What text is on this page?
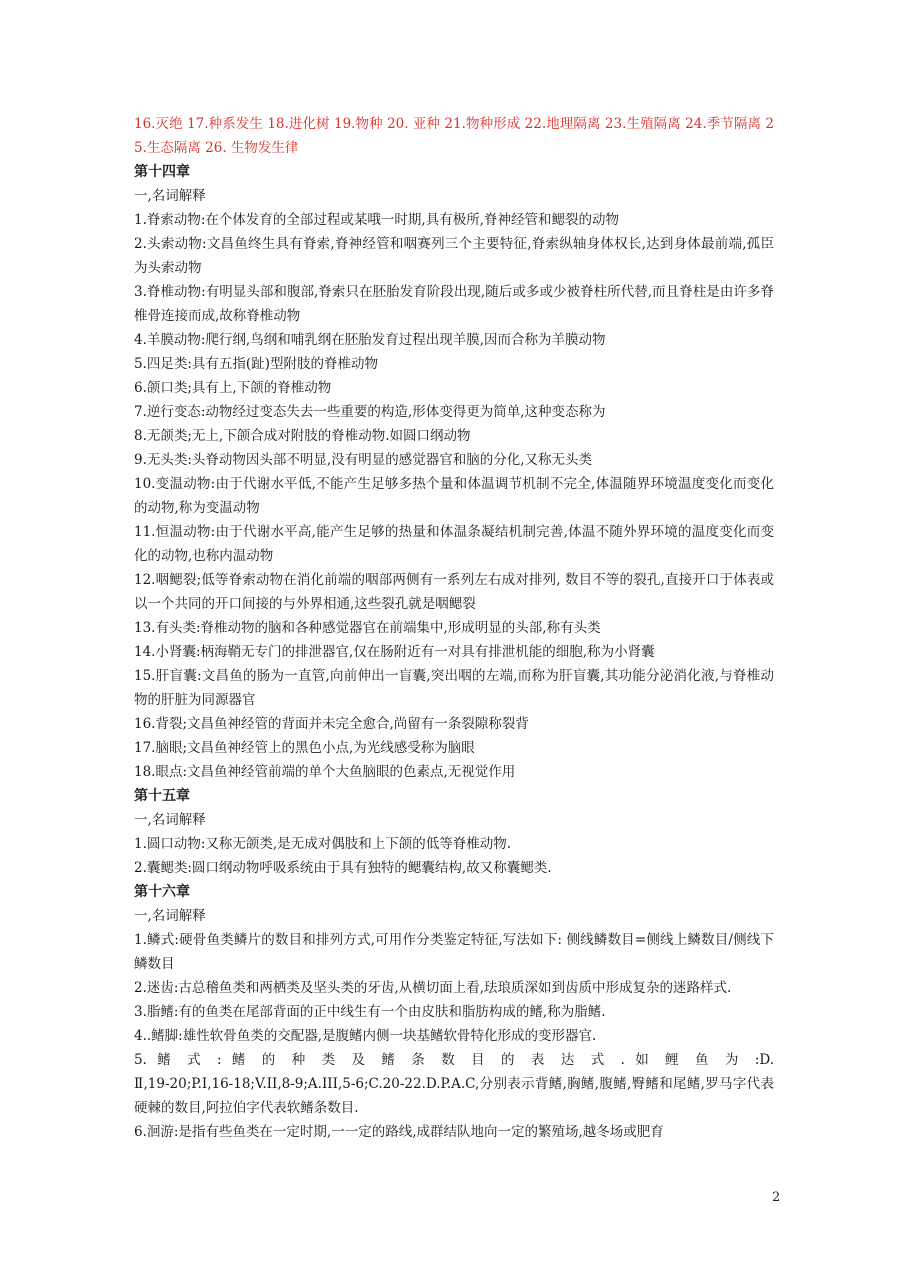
16.灭绝 17.种系发生 18.进化树 19.物种 20. 亚种 21.物种形成 22.地理隔离 23.生殖隔离 24.季节隔离 25.生态隔离 26. 生物发生律
第十四章
一,名词解释
1.脊索动物:在个体发育的全部过程或某哦一时期,具有极所,脊神经管和鳃裂的动物
2.头索动物:文昌鱼终生具有脊索,脊神经管和咽赛列三个主要特征,脊索纵轴身体权长,达到身体最前端,孤臣为头索动物
3.脊椎动物:有明显头部和腹部,脊索只在胚胎发育阶段出现,随后或多或少被脊柱所代替,而且脊柱是由许多脊椎骨连接而成,故称脊椎动物
4.羊膜动物:爬行纲,鸟纲和哺乳纲在胚胎发育过程出现羊膜,因而合称为羊膜动物
5.四足类:具有五指(趾)型附肢的脊椎动物
6.颌口类;具有上,下颌的脊椎动物
7.逆行变态:动物经过变态失去一些重要的构造,形体变得更为简单,这种变态称为
8.无颌类;无上,下颌合成对附肢的脊椎动物.如圆口纲动物
9.无头类:头脊动物因头部不明显,没有明显的感觉器官和脑的分化,又称无头类
10.变温动物:由于代谢水平低,不能产生足够多热个量和体温调节机制不完全,体温随界环境温度变化而变化的动物,称为变温动物
11.恒温动物:由于代谢水平高,能产生足够的热量和体温条凝结机制完善,体温不随外界环境的温度变化而变化的动物,也称内温动物
12.咽鳃裂;低等脊索动物在消化前端的咽部两侧有一系列左右成对排列, 数目不等的裂孔,直接开口于体表或以一个共同的开口间接的与外界相通,这些裂孔就是咽鳃裂
13.有头类:脊椎动物的脑和各种感觉器官在前端集中,形成明显的头部,称有头类
14.小肾囊:柄海鞘无专门的排泄器官,仅在肠附近有一对具有排泄机能的细胞,称为小肾囊
15.肝盲囊:文昌鱼的肠为一直管,向前伸出一盲囊,突出咽的左端,而称为肝盲囊,其功能分泌消化液,与脊椎动物的肝脏为同源器官
16.背裂;文昌鱼神经管的背面并未完全愈合,尚留有一条裂隙称裂背
17.脑眼;文昌鱼神经管上的黑色小点,为光线感受称为脑眼
18.眼点:文昌鱼神经管前端的单个大鱼脑眼的色素点,无视觉作用
第十五章
一,名词解释
1.圆口动物:又称无颌类,是无成对偶肢和上下颌的低等脊椎动物.
2.囊鳃类:圆口纲动物呼吸系统由于具有独特的鳃囊结构,故又称囊鳃类.
第十六章
一,名词解释
1.鳞式:硬骨鱼类鳞片的数目和排列方式,可用作分类鉴定特征,写法如下: 侧线鳞数目=侧线上鳞数目/侧线下鳞数目
2.迷齿:古总稽鱼类和两栖类及坚头类的牙齿,从横切面上看,珐琅质深如到齿质中形成复杂的迷路样式.
3.脂鳍:有的鱼类在尾部背面的正中线生有一个由皮肤和脂肪构成的鳍,称为脂鳍.
4..鳍脚:雄性软骨鱼类的交配器,是腹鳍内侧一块基鳍软骨特化形成的变形器官.
5. 鳍 式 : 鳍 的 种 类 及 鳍 条 数 目 的 表 达 式 . 如 鲤 鱼 为 :D.
Ⅱ,19-20;P.I,16-18;V.II,8-9;A.III,5-6;C.20-22.D.P.A.C,分别表示背鳍,胸鳍,腹鳍,臀鳍和尾鳍,罗马字代表硬棘的数目,阿拉伯字代表软鳍条数目.
6.洄游:是指有些鱼类在一定时期,一一定的路线,成群结队地向一定的繁殖场,越冬场或肥育
2
